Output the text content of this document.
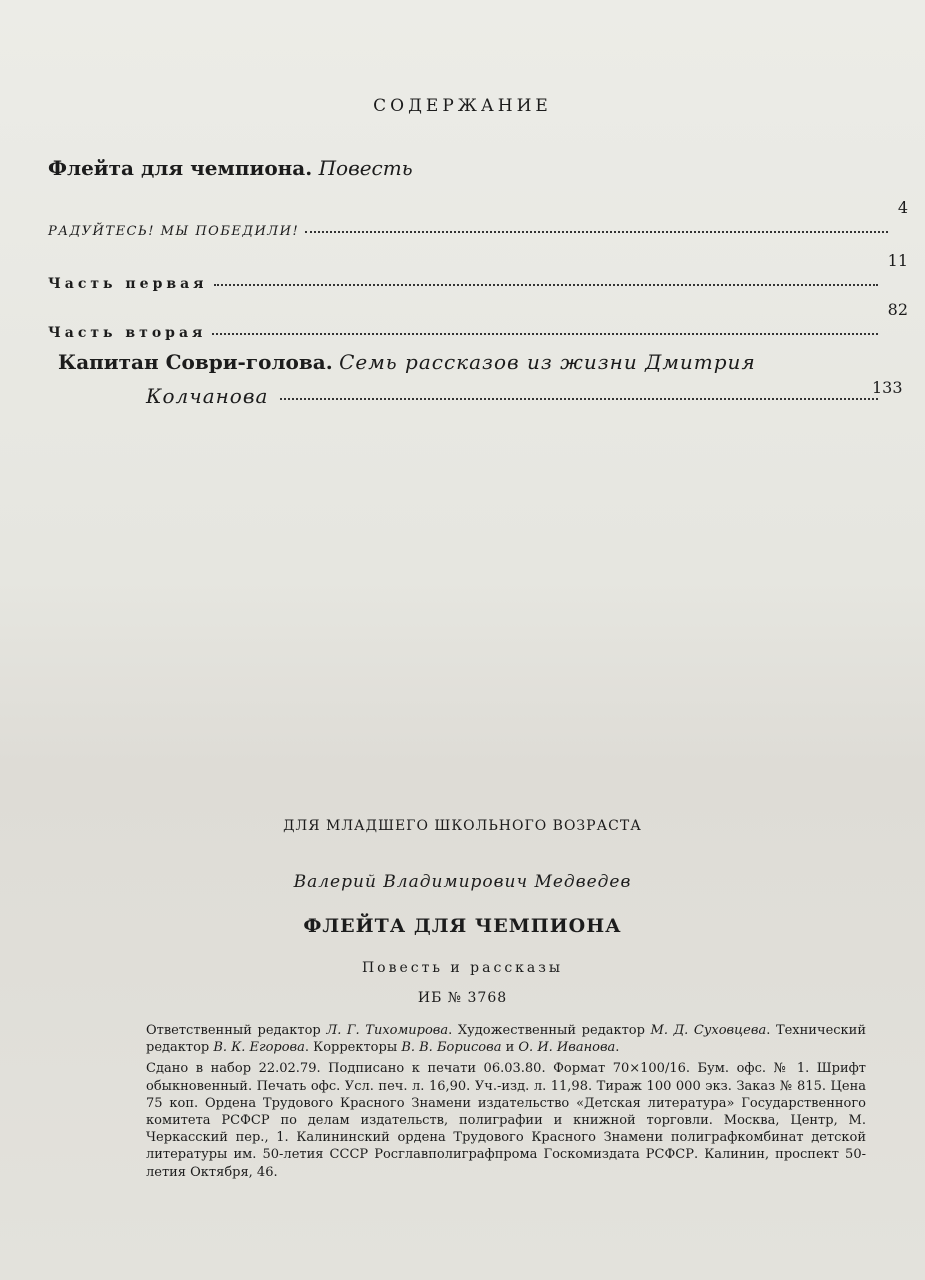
СОДЕРЖАНИЕ
Флейта для чемпиона. Повесть
РАДУЙТЕСЬ! МЫ ПОБЕДИЛИ!
4
Часть первая
11
Часть вторая
82
Капитан Соври-голова. Семь рассказов из жизни Дмитрия
Колчанова	133
ДЛЯ МЛАДШЕГО ШКОЛЬНОГО ВОЗРАСТА
Валерий Владимирович Медведев
ФЛЕЙТА ДЛЯ ЧЕМПИОНА
Повесть и рассказы
ИБ № 3768

Ответственный редактор Л. Г. Тихомирова. Художественный редактор М. Д. Суховцева. Технический редактор В. К. Егорова. Корректоры В. В. Борисова и О. И. Иванова.

Сдано в набор 22.02.79. Подписано к печати 06.03.80. Формат 70×100/16. Бум. офс. № 1. Шрифт обыкновенный. Печать офс. Усл. печ. л. 16,90. Уч.-изд. л. 11,98. Тираж 100 000 экз. Заказ № 815. Цена 75 коп. Ордена Трудового Красного Знамени издательство «Детская литература» Государственного комитета РСФСР по делам издательств, полиграфии и книжной торговли. Москва, Центр, М. Черкасский пер., 1. Калининский ордена Трудового Красного Знамени полиграфкомбинат детской литературы им. 50-летия СССР Росглавполиграфпрома Госкомиздата РСФСР. Калинин, проспект 50-летия Октября, 46.
